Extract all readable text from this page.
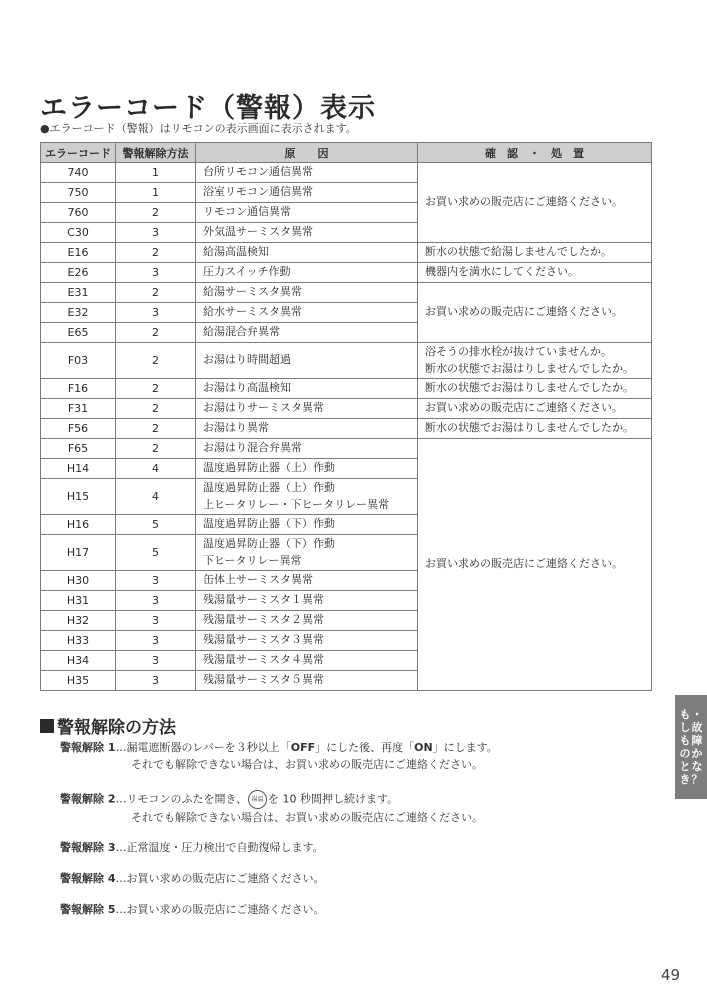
エラーコード（警報）表示
●エラーコード（警報）はリモコンの表示画面に表示されます。
エラーコード	警報解除方法	原　　因	確　認　・　処　置
740	1	台所リモコン通信異常	お買い求めの販売店にご連絡ください。

750	1	浴室リモコン通信異常	

760	2	リモコン通信異常	

C30	3	外気温サーミスタ異常	

E16	2	給湯高温検知	断水の状態で給湯しませんでしたか。

E26	3	圧力スイッチ作動	機器内を満水にしてください。

E31	2	給湯サーミスタ異常	お買い求めの販売店にご連絡ください。

E32	3	給水サーミスタ異常	

E65	2	給湯混合弁異常	

F03	2	お湯はり時間超過	浴そうの排水栓が抜けていませんか。
断水の状態でお湯はりしませんでしたか。

F16	2	お湯はり高温検知	断水の状態でお湯はりしませんでしたか。

F31	2	お湯はりサーミスタ異常	お買い求めの販売店にご連絡ください。

F56	2	お湯はり異常	断水の状態でお湯はりしませんでしたか。

F65	2	お湯はり混合弁異常	お買い求めの販売店にご連絡ください。

H14	4	温度過昇防止器（上）作動	

H15	4	温度過昇防止器（上）作動
上ヒータリレー・下ヒータリレー異常	

H16	5	温度過昇防止器（下）作動	

H17	5	温度過昇防止器（下）作動
下ヒータリレー異常	

H30	3	缶体上サーミスタ異常	

H31	3	残湯量サーミスタ１異常	

H32	3	残湯量サーミスタ２異常	

H33	3	残湯量サーミスタ３異常	

H34	3	残湯量サーミスタ４異常	

H35	3	残湯量サーミスタ５異常	
・
故
障
か
な
？
も
し
も
の
と
き
警報解除の方法
警報解除 1…漏電遮断器のレバーを３秒以上「OFF」にした後、再度「ON」にします。
それでも解除できない場合は、お買い求めの販売店にご連絡ください。
警報解除 2…リモコンのふたを開き、 湯温 を 10 秒間押し続けます。
それでも解除できない場合は、お買い求めの販売店にご連絡ください。
警報解除 3…正常温度・圧力検出で自動復帰します。
警報解除 4…お買い求めの販売店にご連絡ください。
警報解除 5…お買い求めの販売店にご連絡ください。
49
